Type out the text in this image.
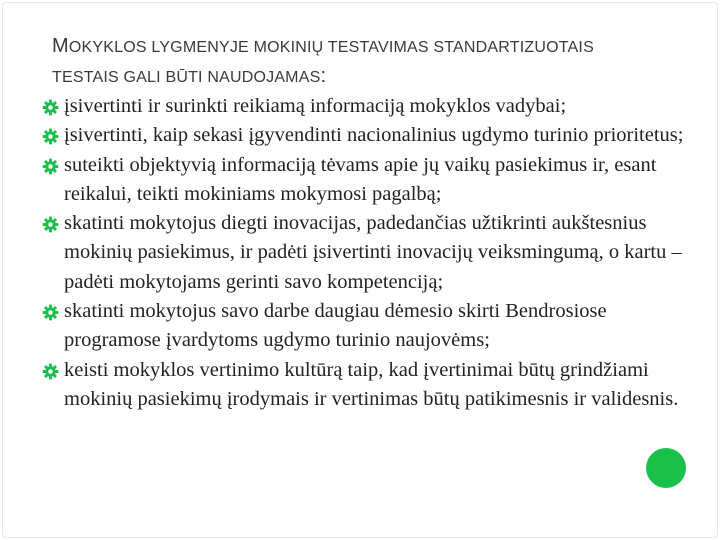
MOKYKLOS LYGMENYJE MOKINIŲ TESTAVIMAS STANDARTIZUOTAIS
TESTAIS GALI BŪTI NAUDOJAMAS:
įsivertinti ir surinkti reikiamą informaciją mokyklos vadybai;
įsivertinti, kaip sekasi įgyvendinti nacionalinius ugdymo turinio prioritetus;
suteikti objektyvią informaciją tėvams apie jų vaikų pasiekimus ir, esant reikalui, teikti mokiniams mokymosi pagalbą;
skatinti mokytojus diegti inovacijas, padedančias užtikrinti aukštesnius mokinių pasiekimus, ir padėti įsivertinti inovacijų veiksmingumą, o kartu – padėti mokytojams gerinti savo kompetenciją;
skatinti mokytojus savo darbe daugiau dėmesio skirti Bendrosiose programose įvardytoms ugdymo turinio naujovėms;
keisti mokyklos vertinimo kultūrą taip, kad įvertinimai būtų grindžiami mokinių pasiekimų įrodymais ir vertinimas būtų patikimesnis ir validesnis.
